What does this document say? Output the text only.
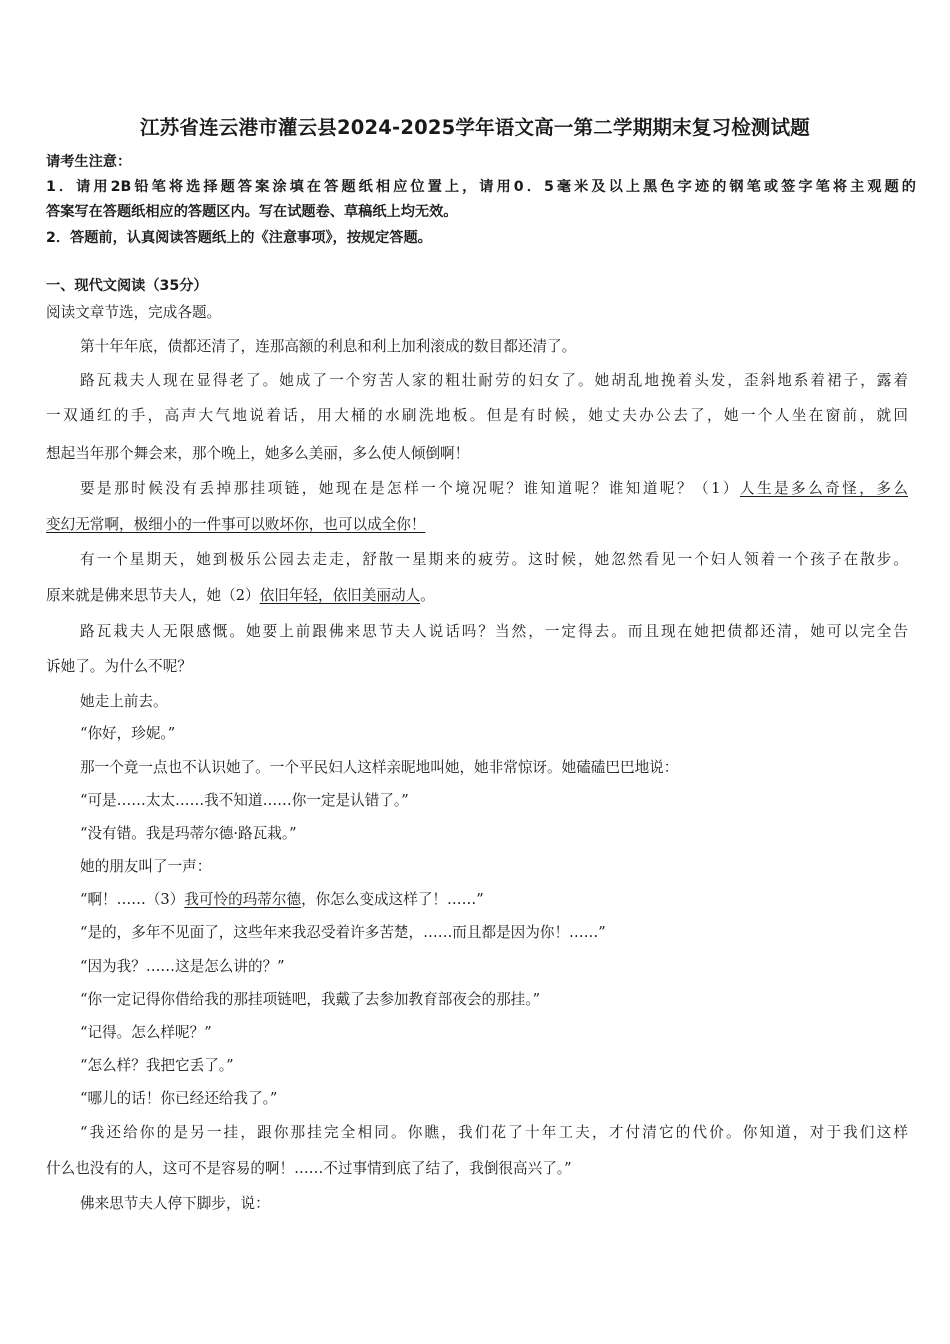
江苏省连云港市灌云县2024-2025学年语文高一第二学期期末复习检测试题
请考生注意：
1．请用2B铅笔将选择题答案涂填在答题纸相应位置上，请用0．5毫米及以上黑色字迹的钢笔或签字笔将主观题的
答案写在答题纸相应的答题区内。写在试题卷、草稿纸上均无效。
2．答题前，认真阅读答题纸上的《注意事项》，按规定答题。
一、现代文阅读（35分）
阅读文章节选，完成各题。
第十年年底，债都还清了，连那高额的利息和利上加利滚成的数目都还清了。
路瓦栽夫人现在显得老了。她成了一个穷苦人家的粗壮耐劳的妇女了。她胡乱地挽着头发，歪斜地系着裙子，露着
一双通红的手，高声大气地说着话，用大桶的水刷洗地板。但是有时候，她丈夫办公去了，她一个人坐在窗前，就回
想起当年那个舞会来，那个晚上，她多么美丽，多么使人倾倒啊！
要是那时候没有丢掉那挂项链，她现在是怎样一个境况呢？谁知道呢？谁知道呢？（1）人生是多么奇怪，多么
变幻无常啊，极细小的一件事可以败坏你，也可以成全你！
有一个星期天，她到极乐公园去走走，舒散一星期来的疲劳。这时候，她忽然看见一个妇人领着一个孩子在散步。
原来就是佛来思节夫人，她（2）依旧年轻，依旧美丽动人。
路瓦栽夫人无限感慨。她要上前跟佛来思节夫人说话吗？当然，一定得去。而且现在她把债都还清，她可以完全告
诉她了。为什么不呢？
她走上前去。
“你好，珍妮。”
那一个竟一点也不认识她了。一个平民妇人这样亲昵地叫她，她非常惊讶。她磕磕巴巴地说：
“可是……太太……我不知道……你一定是认错了。”
“没有错。我是玛蒂尔德·路瓦栽。”
她的朋友叫了一声：
“啊！……（3）我可怜的玛蒂尔德，你怎么变成这样了！……”
“是的，多年不见面了，这些年来我忍受着许多苦楚，……而且都是因为你！……”
“因为我？……这是怎么讲的？”
“你一定记得你借给我的那挂项链吧，我戴了去参加教育部夜会的那挂。”
“记得。怎么样呢？”
“怎么样？我把它丢了。”
“哪儿的话！你已经还给我了。”
“我还给你的是另一挂，跟你那挂完全相同。你瞧，我们花了十年工夫，才付清它的代价。你知道，对于我们这样
什么也没有的人，这可不是容易的啊！……不过事情到底了结了，我倒很高兴了。”
佛来思节夫人停下脚步，说：
